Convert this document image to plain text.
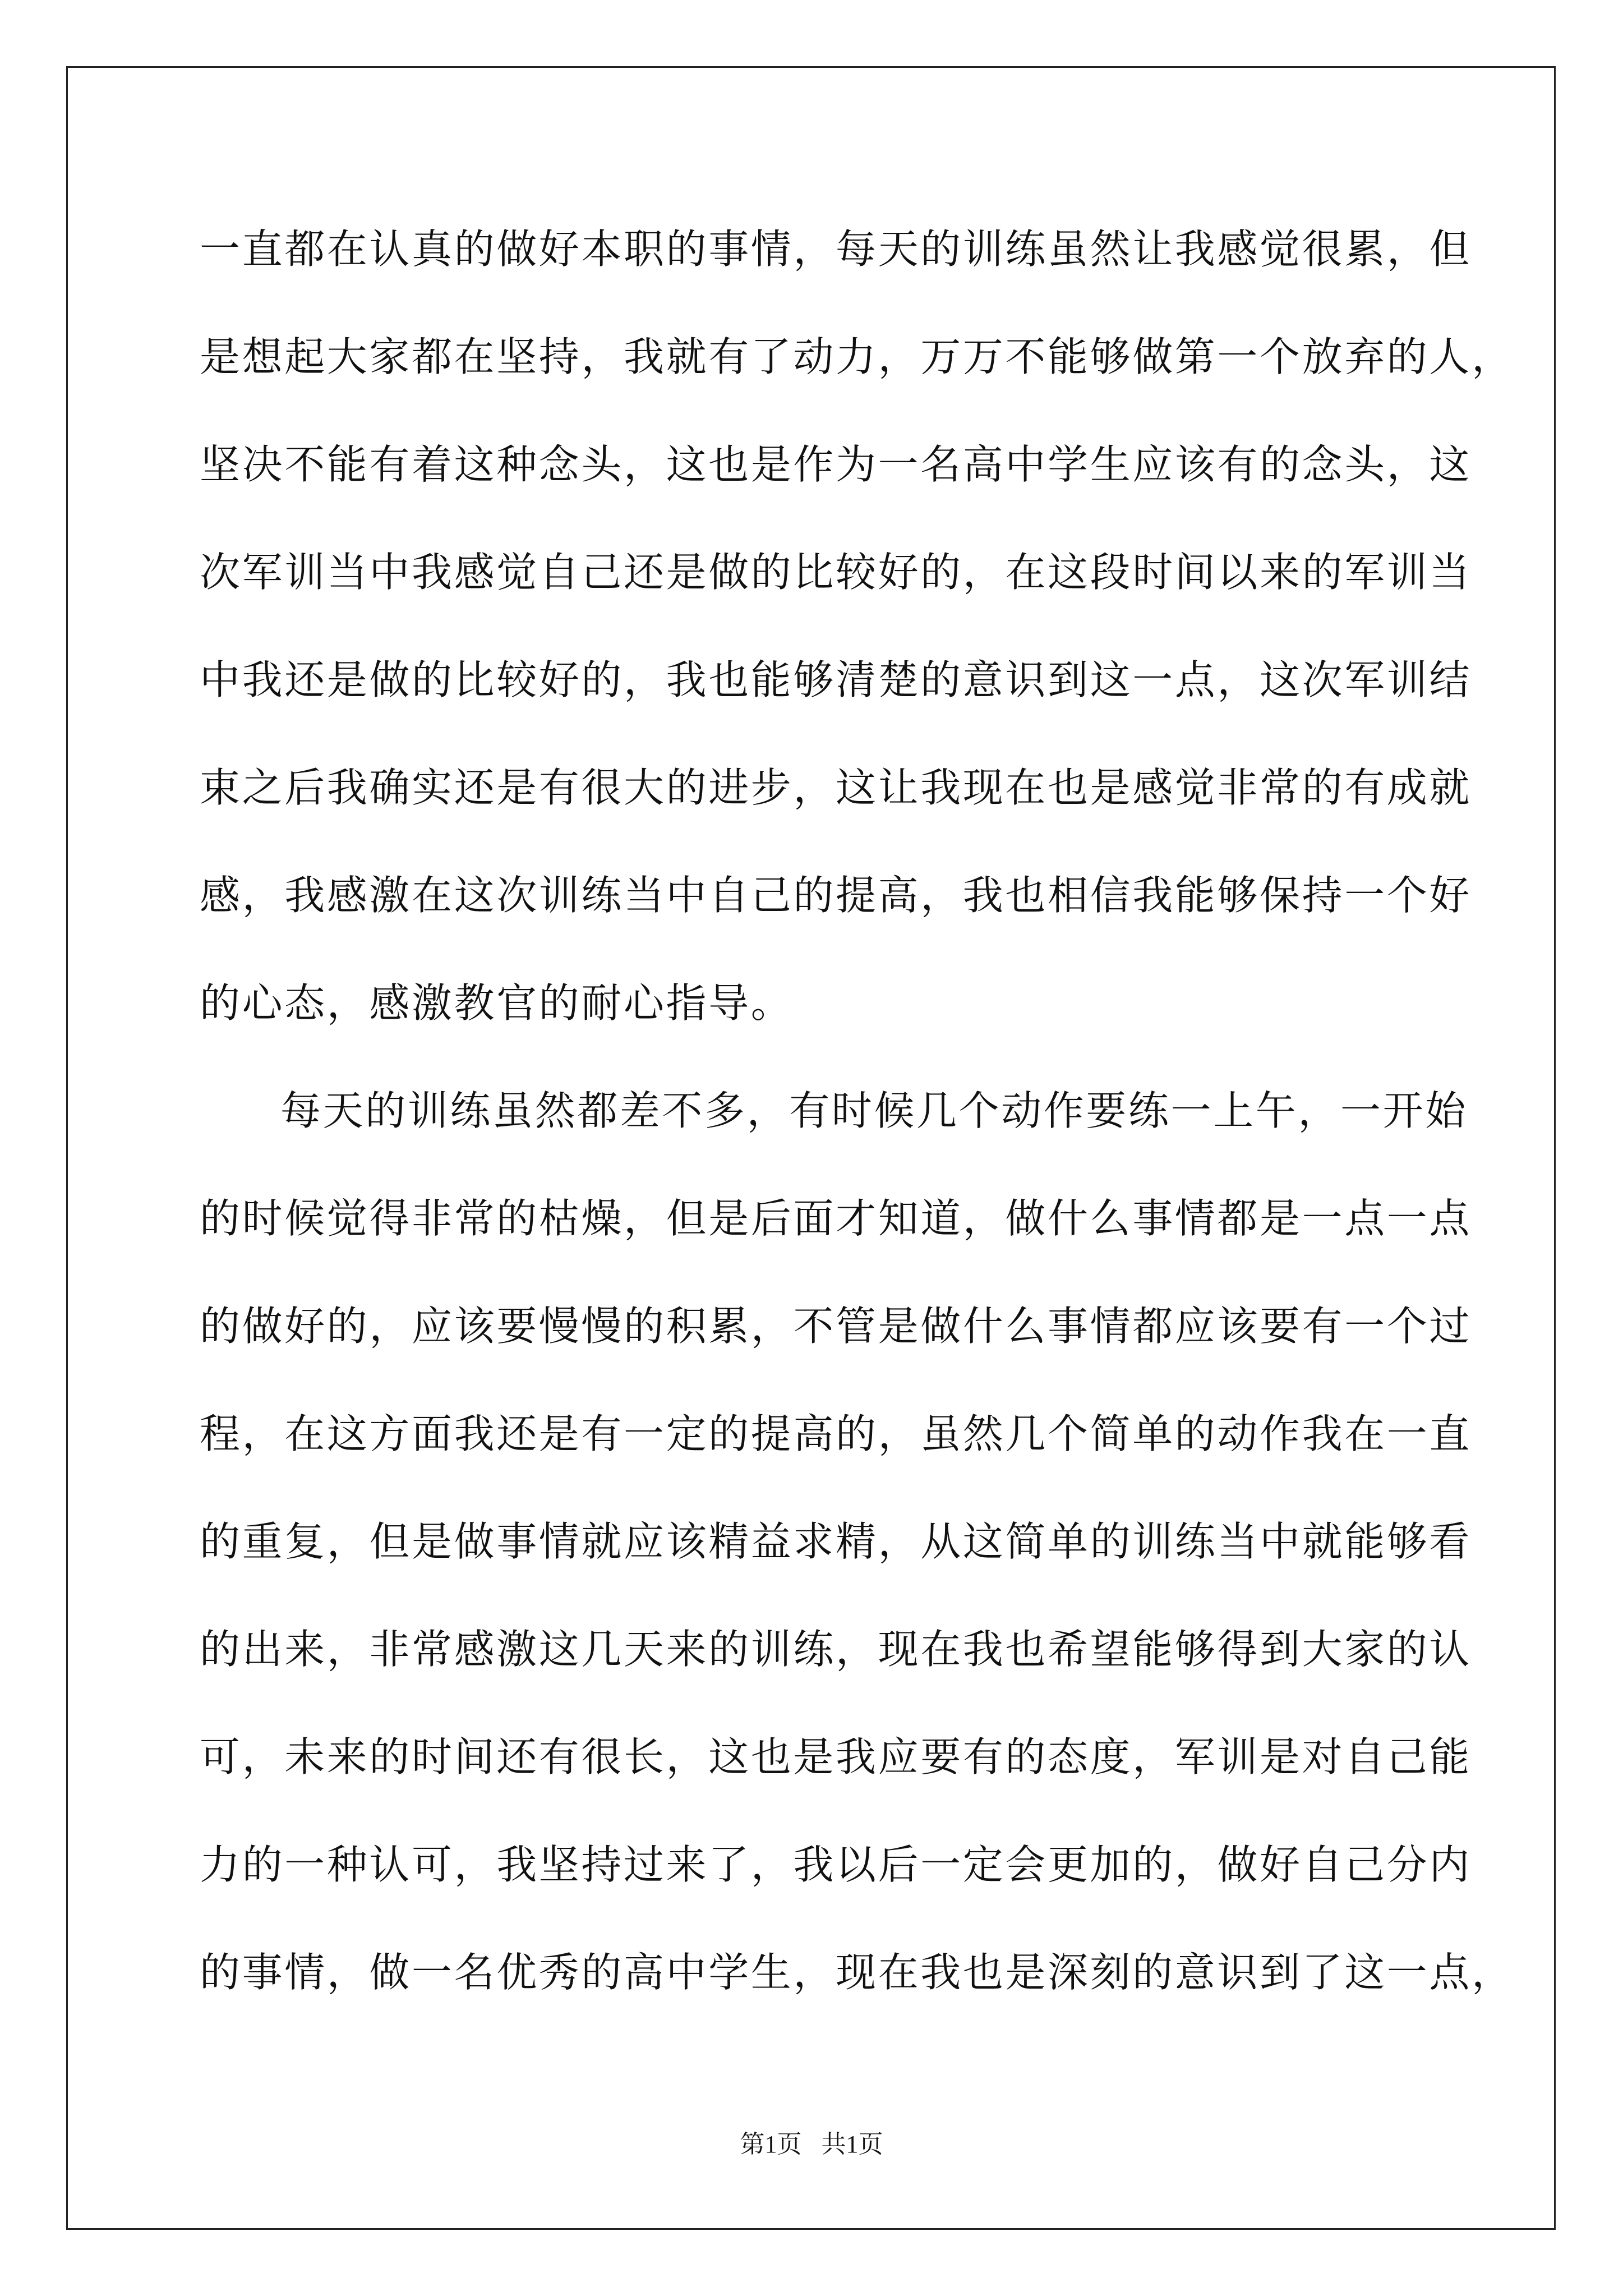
一直都在认真的做好本职的事情，每天的训练虽然让我感觉很累，但
是想起大家都在坚持，我就有了动力，万万不能够做第一个放弃的人，
坚决不能有着这种念头，这也是作为一名高中学生应该有的念头，这
次军训当中我感觉自己还是做的比较好的，在这段时间以来的军训当
中我还是做的比较好的，我也能够清楚的意识到这一点，这次军训结
束之后我确实还是有很大的进步，这让我现在也是感觉非常的有成就
感，我感激在这次训练当中自己的提高，我也相信我能够保持一个好
的心态，感激教官的耐心指导。
每天的训练虽然都差不多，有时候几个动作要练一上午，一开始
的时候觉得非常的枯燥，但是后面才知道，做什么事情都是一点一点
的做好的，应该要慢慢的积累，不管是做什么事情都应该要有一个过
程，在这方面我还是有一定的提高的，虽然几个简单的动作我在一直
的重复，但是做事情就应该精益求精，从这简单的训练当中就能够看
的出来，非常感激这几天来的训练，现在我也希望能够得到大家的认
可，未来的时间还有很长，这也是我应要有的态度，军训是对自己能
力的一种认可，我坚持过来了，我以后一定会更加的，做好自己分内
的事情，做一名优秀的高中学生，现在我也是深刻的意识到了这一点，
第1页 共1页
